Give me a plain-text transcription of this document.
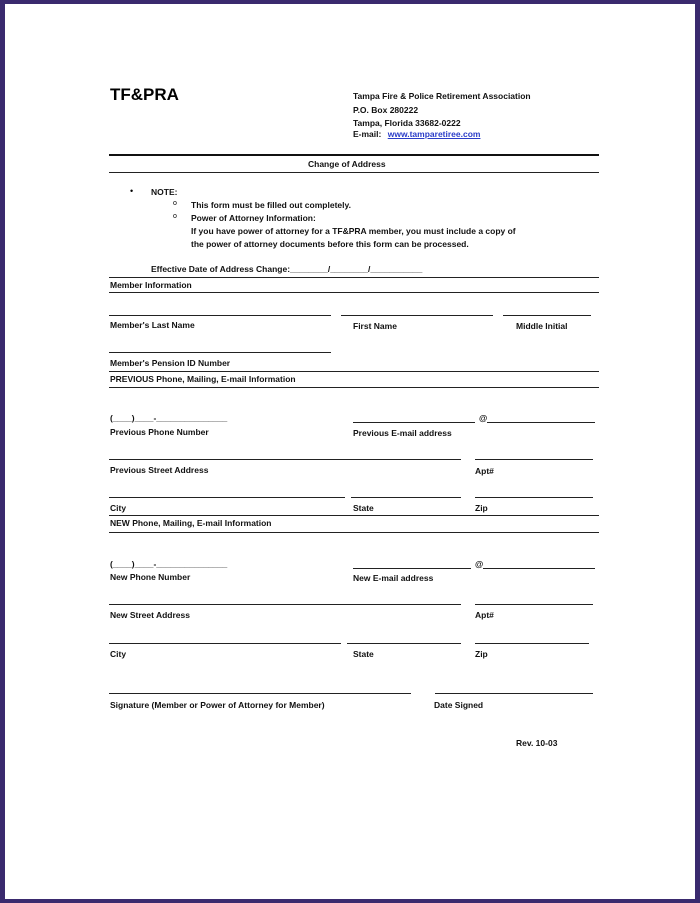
TF&PRA	Tampa Fire & Police Retirement Association
P.O. Box 280222
Tampa, Florida 33682-0222
E-mail: www.tamparetiree.com
Change of Address
• NOTE:
o This form must be filled out completely.
o Power of Attorney Information:
If you have power of attorney for a TF&PRA member, you must include a copy of
the power of attorney documents before this form can be processed.
Effective Date of Address Change:________/________/___________
Member Information
Member's Last Name	First Name	Middle Initial
Member's Pension ID Number
PREVIOUS Phone, Mailing, E-mail Information
(____)____-_______________	@
Previous Phone Number	Previous E-mail address
Previous Street Address	Apt#
City	State	Zip
NEW Phone, Mailing, E-mail Information
(____)____-_______________	@
New Phone Number	New E-mail address
New Street Address	Apt#
City	State	Zip
Signature (Member or Power of Attorney for Member)	Date Signed
Rev. 10-03
